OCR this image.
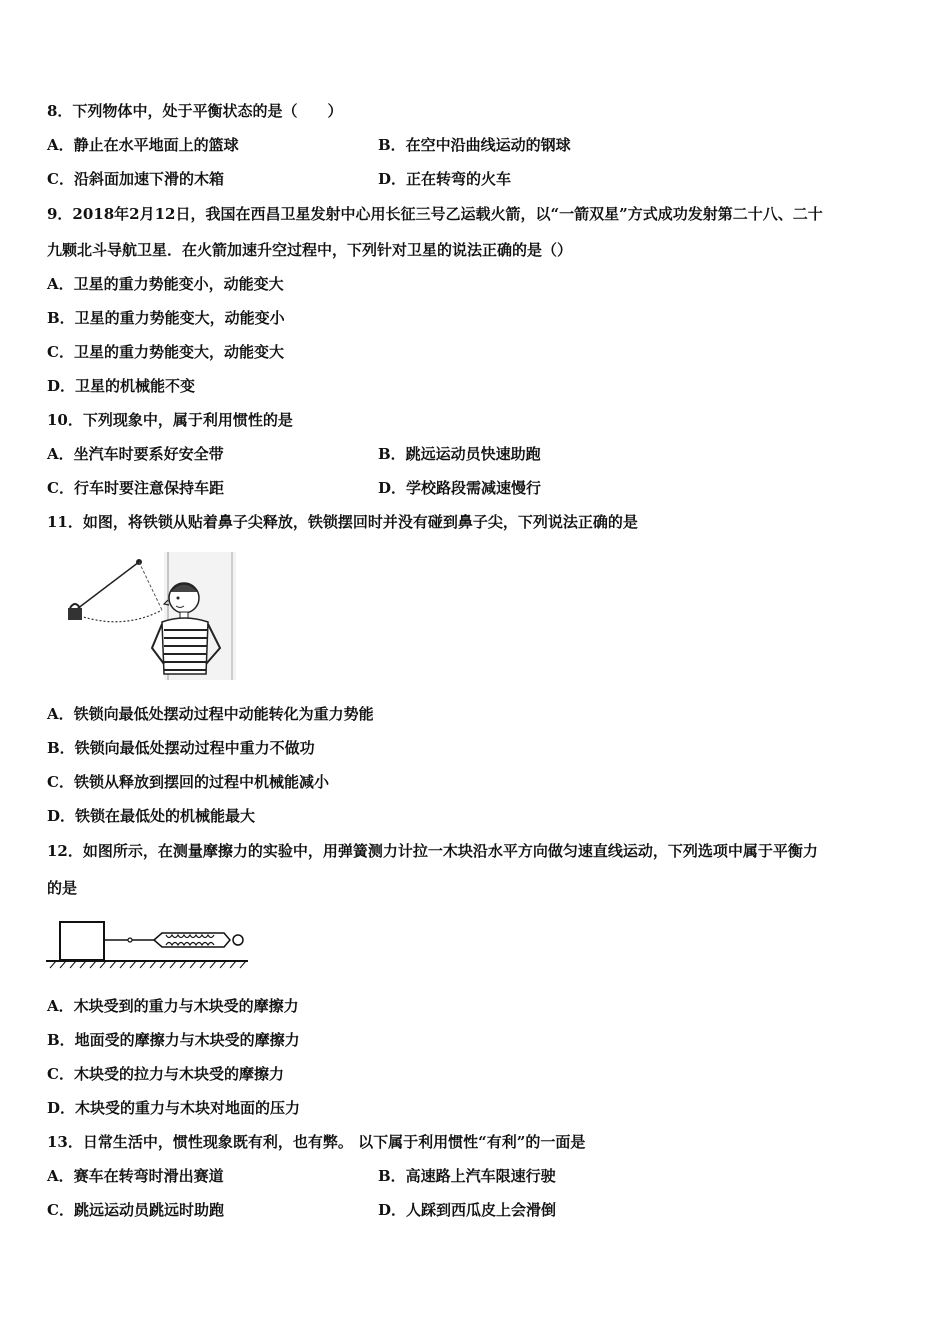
8．下列物体中，处于平衡状态的是（　　）
A．静止在水平地面上的篮球	B．在空中沿曲线运动的钢球
C．沿斜面加速下滑的木箱	D．正在转弯的火车
9．2018年2月12日，我国在西昌卫星发射中心用长征三号乙运载火箭，以“一箭双星”方式成功发射第二十八、二十
九颗北斗导航卫星．在火箭加速升空过程中，下列针对卫星的说法正确的是（）
A．卫星的重力势能变小，动能变大
B．卫星的重力势能变大，动能变小
C．卫星的重力势能变大，动能变大
D．卫星的机械能不变
10．下列现象中，属于利用惯性的是
A．坐汽车时要系好安全带	B．跳远运动员快速助跑
C．行车时要注意保持车距	D．学校路段需减速慢行
11．如图，将铁锁从贴着鼻子尖释放，铁锁摆回时并没有碰到鼻子尖，下列说法正确的是
A．铁锁向最低处摆动过程中动能转化为重力势能
B．铁锁向最低处摆动过程中重力不做功
C．铁锁从释放到摆回的过程中机械能减小
D．铁锁在最低处的机械能最大
12．如图所示，在测量摩擦力的实验中，用弹簧测力计拉一木块沿水平方向做匀速直线运动，下列选项中属于平衡力
的是
A．木块受到的重力与木块受的摩擦力
B．地面受的摩擦力与木块受的摩擦力
C．木块受的拉力与木块受的摩擦力
D．木块受的重力与木块对地面的压力
13．日常生活中，惯性现象既有利，也有弊。 以下属于利用惯性“有利”的一面是
A．赛车在转弯时滑出赛道	B．高速路上汽车限速行驶
C．跳远运动员跳远时助跑	D．人踩到西瓜皮上会滑倒
